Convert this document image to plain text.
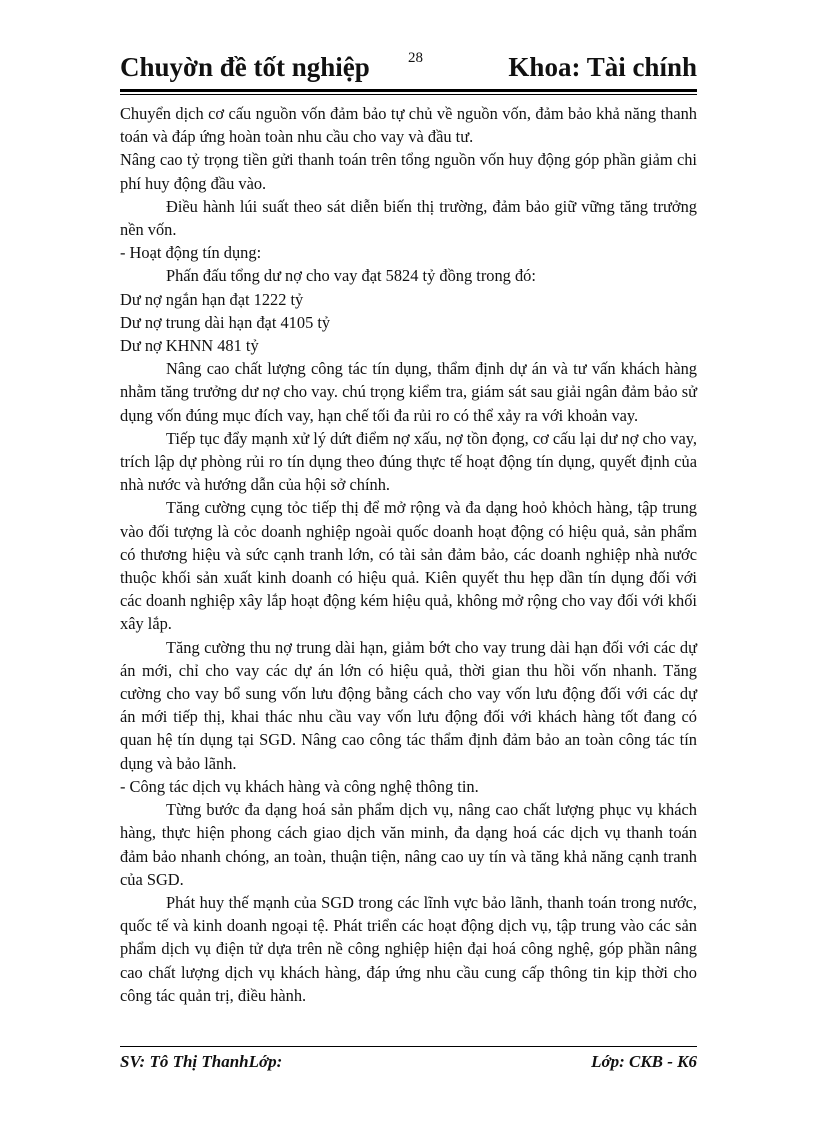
Chuyờn đề tốt nghiệp	28	Khoa: Tài chính

Chuyển dịch cơ cấu nguồn vốn đảm bảo tự chủ về nguồn vốn, đảm bảo khả năng thanh toán và đáp ứng hoàn toàn nhu cầu cho vay và đầu tư.

Nâng cao tỷ trọng tiền gửi thanh toán trên tổng nguồn vốn huy động góp phần giảm chi phí huy động đầu vào.

Điều hành lúi suất theo sát diễn biến thị trường, đảm bảo giữ vững tăng trưởng nền vốn.

- Hoạt động tín dụng:

Phấn đấu tổng dư nợ cho vay đạt 5824 tỷ đồng trong đó:

Dư nợ ngắn hạn đạt 1222 tỷ

Dư nợ trung dài hạn đạt 4105 tỷ

Dư nợ KHNN 481 tỷ

Nâng cao chất lượng công tác tín dụng, thẩm định dự án và tư vấn khách hàng nhằm tăng trưởng dư nợ cho vay. chú trọng kiểm tra, giám sát sau giải ngân đảm bảo sử dụng vốn đúng mục đích vay, hạn chế tối đa rủi ro có thể xảy ra với khoản vay.

Tiếp tục đẩy mạnh xử lý dứt điểm nợ xấu, nợ tồn đọng, cơ cấu lại dư nợ cho vay, trích lập dự phòng rủi ro tín dụng theo đúng thực tế hoạt động tín dụng, quyết định của nhà nước và hướng dẫn của hội sở chính.

Tăng cường cụng tỏc tiếp thị để mở rộng và đa dạng hoỏ khỏch hàng, tập trung vào đối tượng là cỏc doanh nghiệp ngoài quốc doanh hoạt động có hiệu quả, sản phẩm có thương hiệu và sức cạnh tranh lớn, có tài sản đảm bảo, các doanh nghiệp nhà nước thuộc khối sản xuất kinh doanh có hiệu quả. Kiên quyết thu hẹp dần tín dụng đối với các doanh nghiệp xây lắp hoạt động kém hiệu quả, không mở rộng cho vay đối với khối xây lắp.

Tăng cường thu nợ trung dài hạn, giảm bớt cho vay trung dài hạn đối với các dự án mới, chỉ cho vay các dự án lớn có hiệu quả, thời gian thu hồi vốn nhanh. Tăng cường cho vay bổ sung vốn lưu động bằng cách cho vay vốn lưu động đối với các dự án mới tiếp thị, khai thác nhu cầu vay vốn lưu động đối với khách hàng tốt đang có quan hệ tín dụng tại SGD. Nâng cao công tác thẩm định đảm bảo an toàn công tác tín dụng và bảo lãnh.

- Công tác dịch vụ khách hàng và công nghệ thông tin.

Từng bước đa dạng hoá sản phẩm dịch vụ, nâng cao chất lượng phục vụ khách hàng, thực hiện phong cách giao dịch văn minh, đa dạng hoá các dịch vụ thanh toán đảm bảo nhanh chóng, an toàn, thuận tiện, nâng cao uy tín và tăng khả năng cạnh tranh của SGD.

Phát huy thế mạnh của SGD trong các lĩnh vực bảo lãnh, thanh toán trong nước, quốc tế và kinh doanh ngoại tệ. Phát triển các hoạt động dịch vụ, tập trung vào các sản phẩm dịch vụ điện tử dựa trên nề công nghiệp hiện đại hoá công nghệ, góp phần nâng cao chất lượng dịch vụ khách hàng, đáp ứng nhu cầu cung cấp thông tin kịp thời cho công tác quản trị, điều hành.

SV: Tô Thị ThanhLớp:	Lớp: CKB - K6
